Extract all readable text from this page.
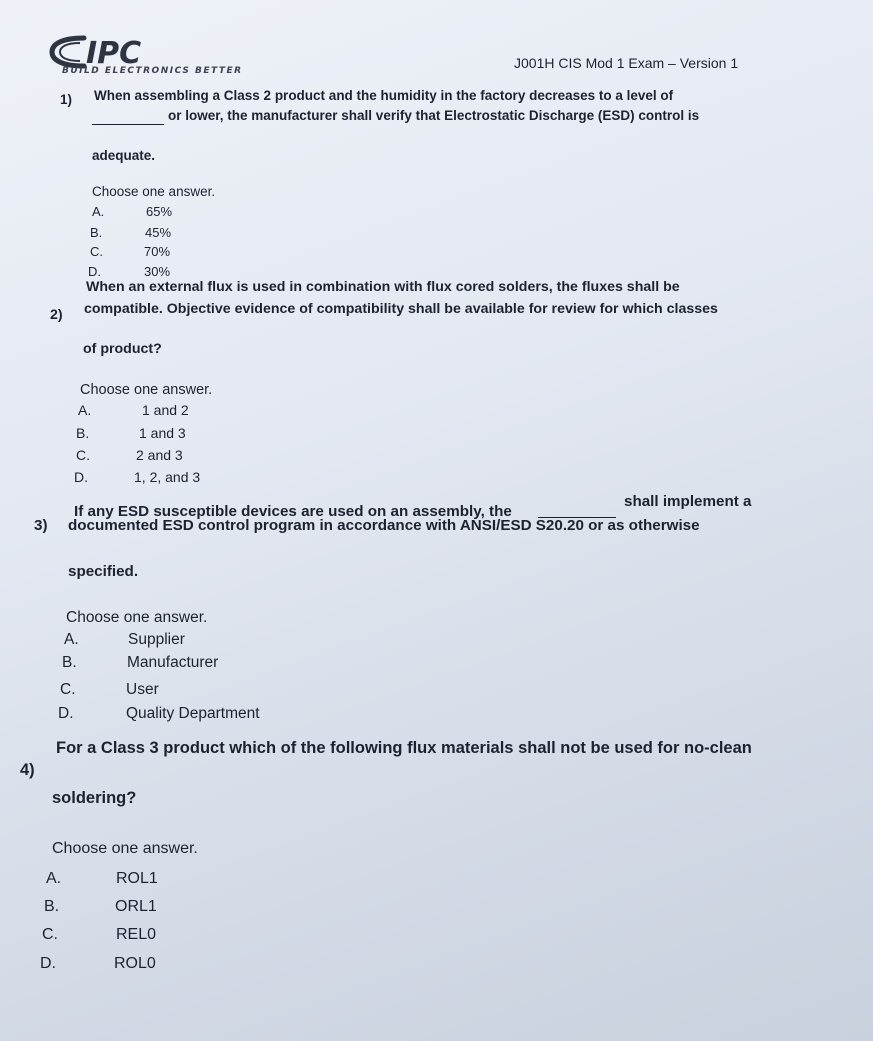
IPC
BUILD ELECTRONICS BETTER	J001H CIS Mod 1 Exam – Version 1
1) When assembling a Class 2 product and the humidity in the factory decreases to a level of
or lower, the manufacturer shall verify that Electrostatic Discharge (ESD) control is
adequate.
Choose one answer.
A.	65%
B.	45%
C.	70%
D.	30%
2)
When an external flux is used in combination with flux cored solders, the fluxes shall be
compatible. Objective evidence of compatibility shall be available for review for which classes
of product?
Choose one answer.
A.	1 and 2
B.	1 and 3
C.	2 and 3
D.	1, 2, and 3
3)
If any ESD susceptible devices are used on an assembly, the
shall implement a
documented ESD control program in accordance with ANSI/ESD S20.20 or as otherwise
specified.
Choose one answer.
A.	Supplier
B.	Manufacturer
C.	User
D.	Quality Department
4)
For a Class 3 product which of the following flux materials shall not be used for no-clean
soldering?
Choose one answer.
A.	ROL1
B.	ORL1
C.	REL0
D.	ROL0
